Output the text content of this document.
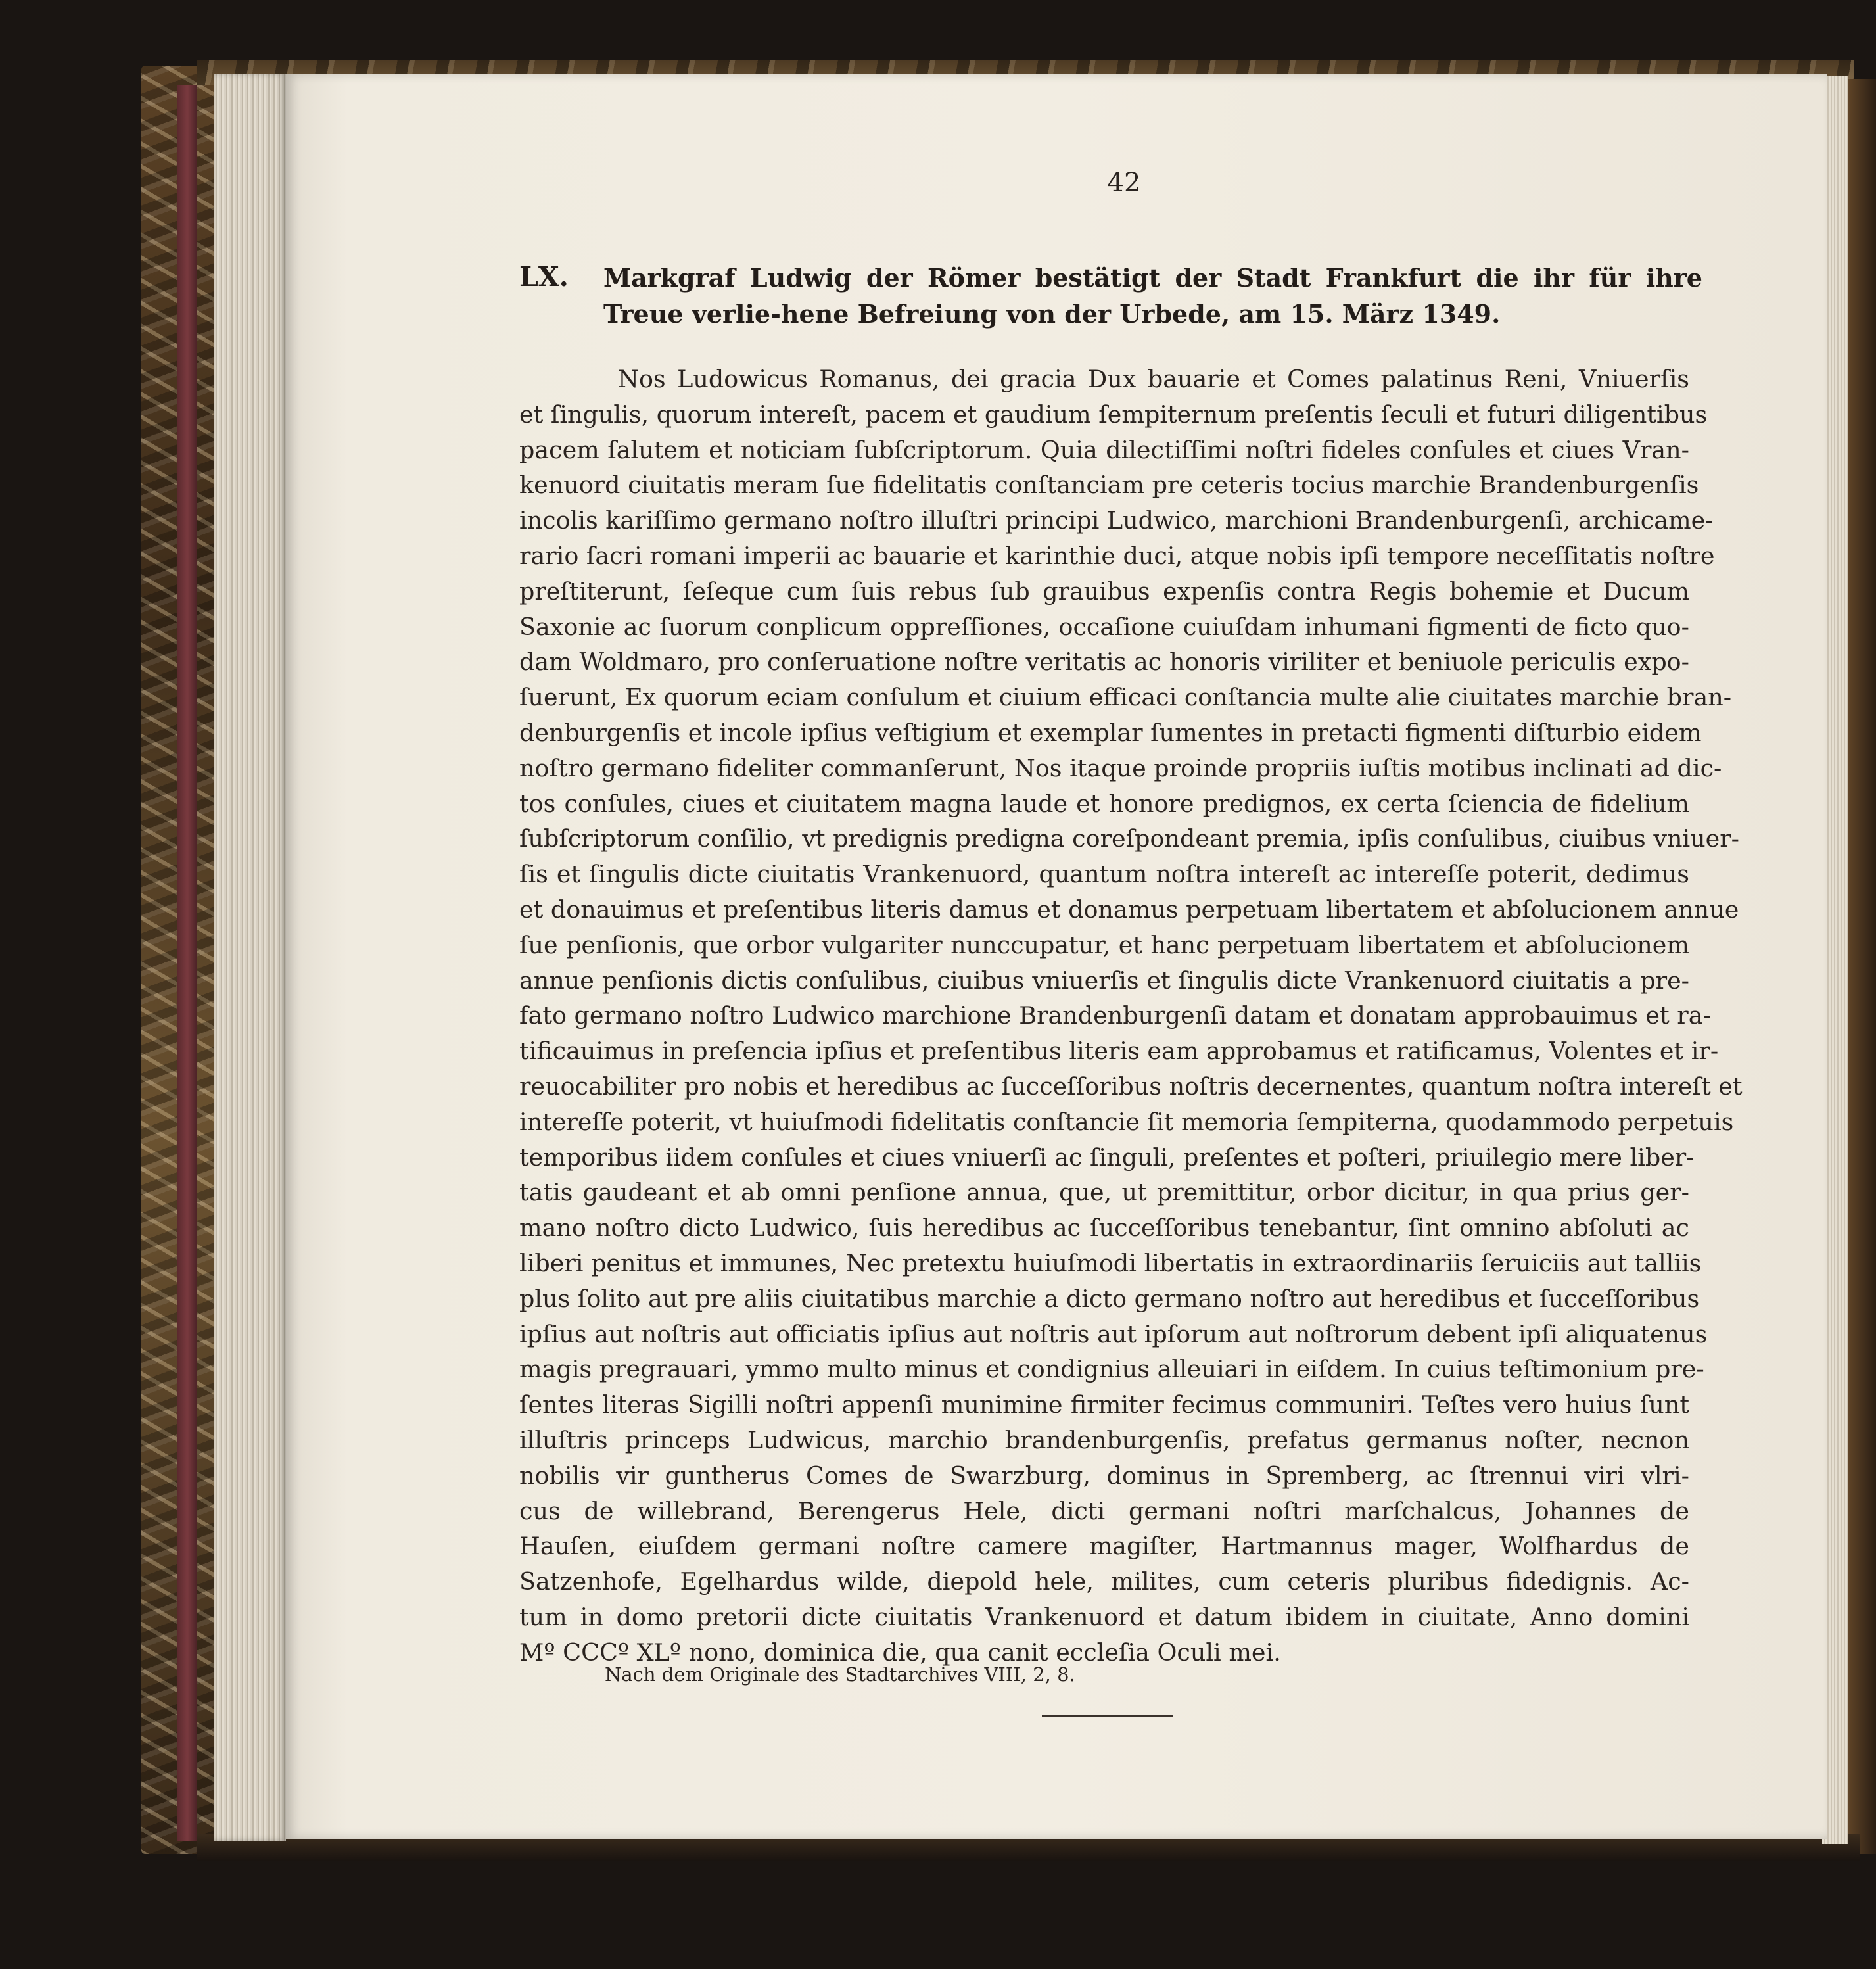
42
LX. Markgraf Ludwig der Römer bestätigt der Stadt Frankfurt die ihr für ihre Treue verlie-hene Befreiung von der Urbede, am 15. März 1349.
Nos Ludowicus Romanus, dei gracia Dux bauarie et Comes palatinus Reni, Vniuerſis
et ſingulis, quorum intereſt, pacem et gaudium ſempiternum preſentis ſeculi et futuri diligentibus
pacem ſalutem et noticiam ſubſcriptorum. Quia dilectiſſimi noſtri fideles conſules et ciues Vran-
kenuord ciuitatis meram ſue fidelitatis conſtanciam pre ceteris tocius marchie Brandenburgenſis
incolis kariſſimo germano noſtro illuſtri principi Ludwico, marchioni Brandenburgenſi, archicame-
rario ſacri romani imperii ac bauarie et karinthie duci, atque nobis ipſi tempore neceſſitatis noſtre
preſtiterunt, ſeſeque cum ſuis rebus ſub grauibus expenſis contra Regis bohemie et Ducum
Saxonie ac ſuorum conplicum oppreſſiones, occaſione cuiuſdam inhumani figmenti de ficto quo-
dam Woldmaro, pro conſeruatione noſtre veritatis ac honoris viriliter et beniuole periculis expo-
ſuerunt, Ex quorum eciam conſulum et ciuium efficaci conſtancia multe alie ciuitates marchie bran-
denburgenſis et incole ipſius veſtigium et exemplar ſumentes in pretacti figmenti diſturbio eidem
noſtro germano fideliter commanſerunt, Nos itaque proinde propriis iuſtis motibus inclinati ad dic-
tos conſules, ciues et ciuitatem magna laude et honore predignos, ex certa ſciencia de fidelium
ſubſcriptorum conſilio, vt predignis predigna coreſpondeant premia, ipſis conſulibus, ciuibus vniuer-
ſis et ſingulis dicte ciuitatis Vrankenuord, quantum noſtra intereſt ac intereſſe poterit, dedimus
et donauimus et preſentibus literis damus et donamus perpetuam libertatem et abſolucionem annue
ſue penſionis, que orbor vulgariter nunccupatur, et hanc perpetuam libertatem et abſolucionem
annue penſionis dictis conſulibus, ciuibus vniuerſis et ſingulis dicte Vrankenuord ciuitatis a pre-
fato germano noſtro Ludwico marchione Brandenburgenſi datam et donatam approbauimus et ra-
tificauimus in preſencia ipſius et preſentibus literis eam approbamus et ratificamus, Volentes et ir-
reuocabiliter pro nobis et heredibus ac ſucceſſoribus noſtris decernentes, quantum noſtra intereſt et
intereſſe poterit, vt huiuſmodi fidelitatis conſtancie ſit memoria ſempiterna, quodammodo perpetuis
temporibus iidem conſules et ciues vniuerſi ac ſinguli, preſentes et poſteri, priuilegio mere liber-
tatis gaudeant et ab omni penſione annua, que, ut premittitur, orbor dicitur, in qua prius ger-
mano noſtro dicto Ludwico, ſuis heredibus ac ſucceſſoribus tenebantur, ſint omnino abſoluti ac
liberi penitus et immunes, Nec pretextu huiuſmodi libertatis in extraordinariis ſeruiciis aut talliis
plus ſolito aut pre aliis ciuitatibus marchie a dicto germano noſtro aut heredibus et ſucceſſoribus
ipſius aut noſtris aut officiatis ipſius aut noſtris aut ipſorum aut noſtrorum debent ipſi aliquatenus
magis pregrauari, ymmo multo minus et condignius alleuiari in eiſdem. In cuius teſtimonium pre-
ſentes literas Sigilli noſtri appenſi munimine firmiter fecimus communiri. Teſtes vero huius ſunt
illuſtris princeps Ludwicus, marchio brandenburgenſis, prefatus germanus noſter, necnon
nobilis vir guntherus Comes de Swarzburg, dominus in Spremberg, ac ſtrennui viri vlri-
cus de willebrand, Berengerus Hele, dicti germani noſtri marſchalcus, Johannes de
Hauſen, eiuſdem germani noſtre camere magiſter, Hartmannus mager, Wolfhardus de
Satzenhofe, Egelhardus wilde, diepold hele, milites, cum ceteris pluribus fidedignis. Ac-
tum in domo pretorii dicte ciuitatis Vrankenuord et datum ibidem in ciuitate, Anno domini
Mº CCCº XLº nono, dominica die, qua canit eccleſia Oculi mei.
Nach dem Originale des Stadtarchives VIII, 2, 8.
